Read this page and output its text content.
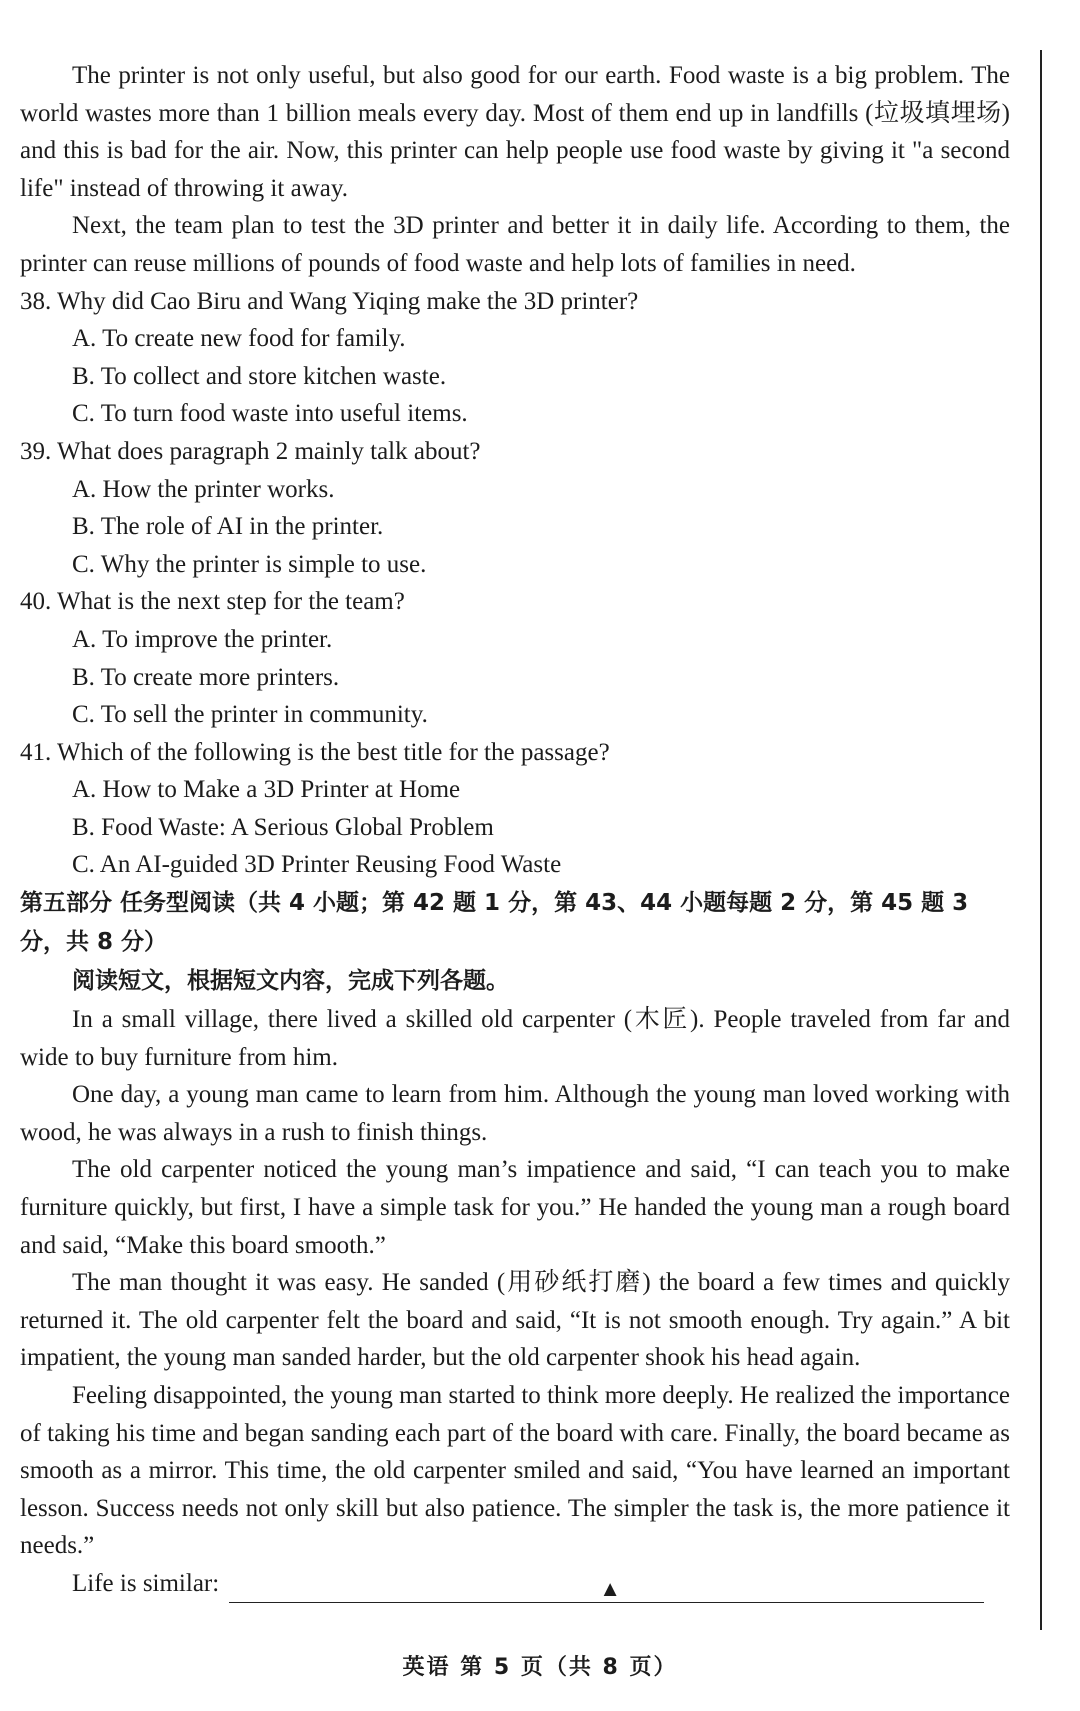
The printer is not only useful, but also good for our earth. Food waste is a big problem. The world wastes more than 1 billion meals every day. Most of them end up in landfills (垃圾填埋场) and this is bad for the air. Now, this printer can help people use food waste by giving it "a second life" instead of throwing it away.
Next, the team plan to test the 3D printer and better it in daily life. According to them, the printer can reuse millions of pounds of food waste and help lots of families in need.
38. Why did Cao Biru and Wang Yiqing make the 3D printer?
A. To create new food for family.
B. To collect and store kitchen waste.
C. To turn food waste into useful items.
39. What does paragraph 2 mainly talk about?
A. How the printer works.
B. The role of AI in the printer.
C. Why the printer is simple to use.
40. What is the next step for the team?
A. To improve the printer.
B. To create more printers.
C. To sell the printer in community.
41. Which of the following is the best title for the passage?
A. How to Make a 3D Printer at Home
B. Food Waste: A Serious Global Problem
C. An AI-guided 3D Printer Reusing Food Waste
第五部分 任务型阅读（共 4 小题；第 42 题 1 分，第 43、44 小题每题 2 分，第 45 题 3 分，共 8 分）
阅读短文，根据短文内容，完成下列各题。
In a small village, there lived a skilled old carpenter (木匠). People traveled from far and wide to buy furniture from him.
One day, a young man came to learn from him. Although the young man loved working with wood, he was always in a rush to finish things.
The old carpenter noticed the young man’s impatience and said, “I can teach you to make furniture quickly, but first, I have a simple task for you.” He handed the young man a rough board and said, “Make this board smooth.”
The man thought it was easy. He sanded (用砂纸打磨) the board a few times and quickly returned it. The old carpenter felt the board and said, “It is not smooth enough. Try again.” A bit impatient, the young man sanded harder, but the old carpenter shook his head again.
Feeling disappointed, the young man started to think more deeply. He realized the importance of taking his time and began sanding each part of the board with care. Finally, the board became as smooth as a mirror. This time, the old carpenter smiled and said, “You have learned an important lesson. Success needs not only skill but also patience. The simpler the task is, the more patience it needs.”
Life is similar:	▲
英语 第 5 页（共 8 页）
